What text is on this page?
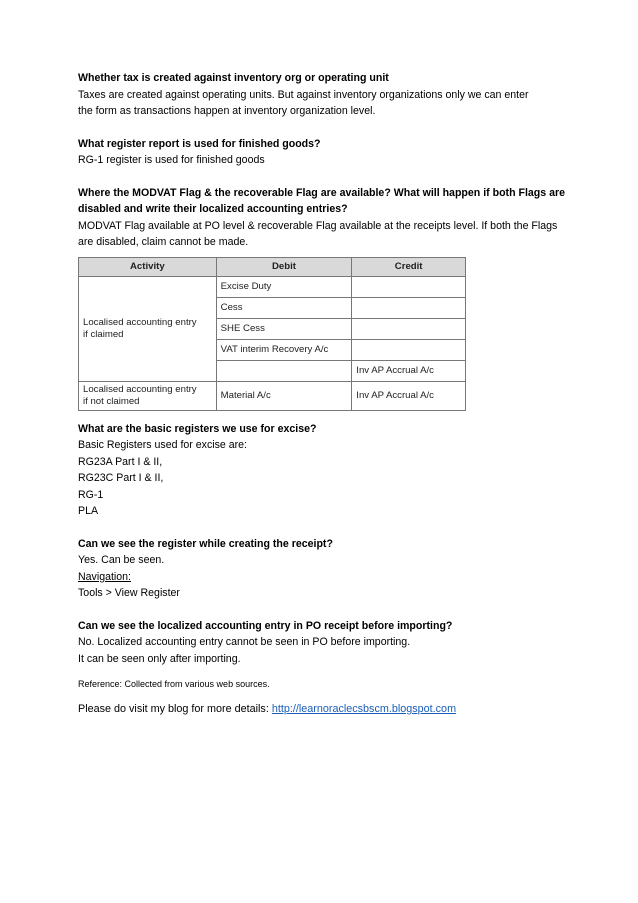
Whether tax is created against inventory org or operating unit

Taxes are created against operating units. But against inventory organizations only we can enter

the form as transactions happen at inventory organization level.

What register report is used for finished goods?

RG-1 register is used for finished goods

Where the MODVAT Flag & the recoverable Flag are available? What will happen if both Flags are

disabled and write their localized accounting entries?

MODVAT Flag available at PO level & recoverable Flag available at the receipts level. If both the Flags

are disabled, claim cannot be made.

Activity	Debit	Credit
Localised accounting entry
if claimed	Excise Duty	
	Cess	
	SHE Cess	
	VAT interim Recovery A/c	
		Inv AP Accrual A/c
Localised accounting entry
if not claimed	Material A/c	Inv AP Accrual A/c

What are the basic registers we use for excise?

Basic Registers used for excise are:

RG23A Part I & II,

RG23C Part I & II,

RG-1

PLA

Can we see the register while creating the receipt?

Yes. Can be seen.

Navigation:

Tools > View Register

Can we see the localized accounting entry in PO receipt before importing?

No. Localized accounting entry cannot be seen in PO before importing.

It can be seen only after importing.

Reference: Collected from various web sources.

Please do visit my blog for more details: http://learnoraclecsbscm.blogspot.com
